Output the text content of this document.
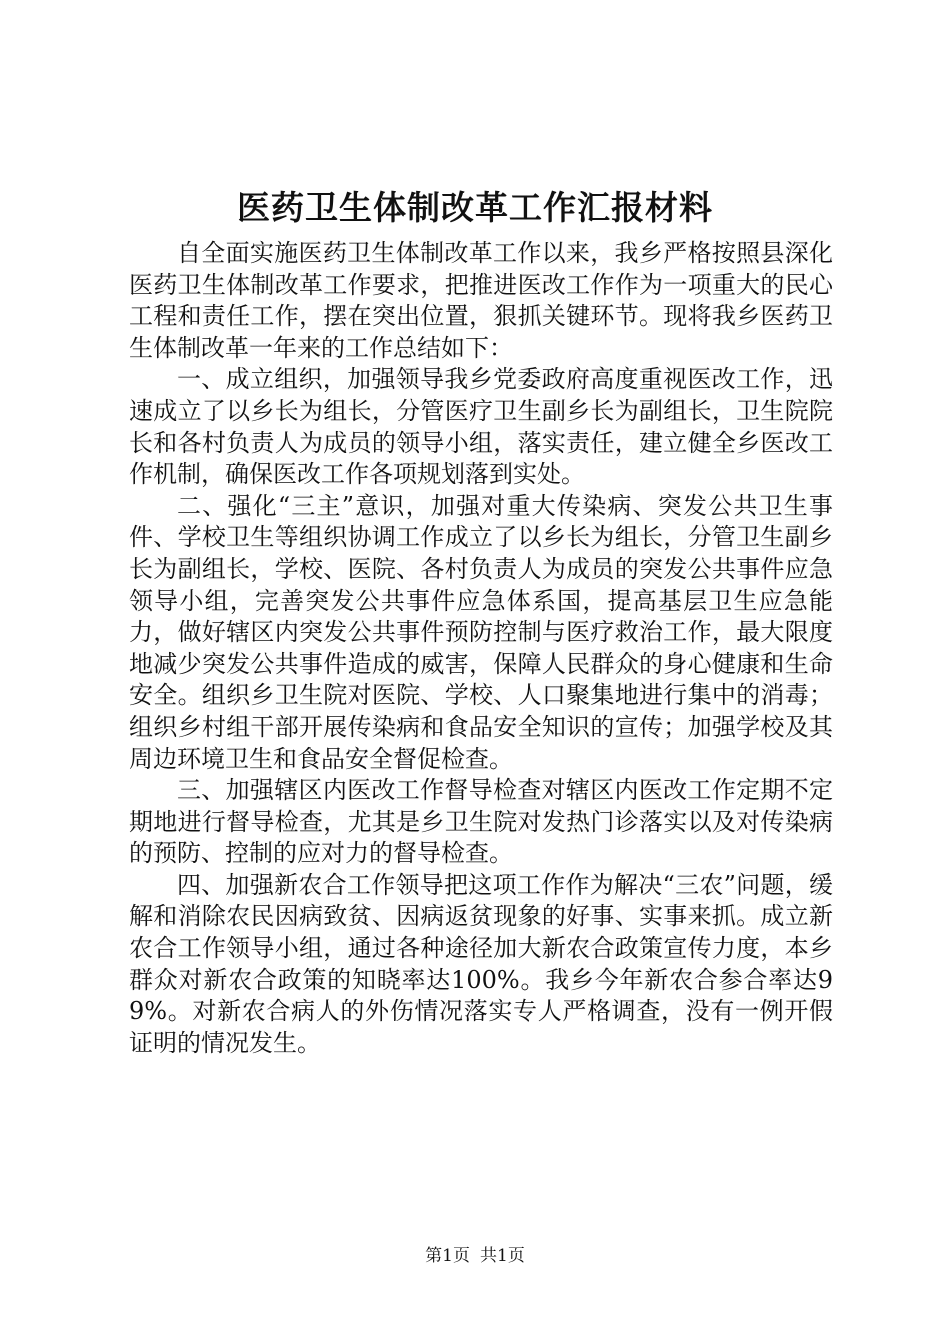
医药卫生体制改革工作汇报材料

自全面实施医药卫生体制改革工作以来，我乡严格按照县深化医药卫生体制改革工作要求，把推进医改工作作为一项重大的民心工程和责任工作，摆在突出位置，狠抓关键环节。现将我乡医药卫生体制改革一年来的工作总结如下：

一、成立组织，加强领导我乡党委政府高度重视医改工作，迅速成立了以乡长为组长，分管医疗卫生副乡长为副组长，卫生院院长和各村负责人为成员的领导小组，落实责任，建立健全乡医改工作机制，确保医改工作各项规划落到实处。

二、强化“三主”意识，加强对重大传染病、突发公共卫生事件、学校卫生等组织协调工作成立了以乡长为组长，分管卫生副乡长为副组长，学校、医院、各村负责人为成员的突发公共事件应急领导小组，完善突发公共事件应急体系国，提高基层卫生应急能力，做好辖区内突发公共事件预防控制与医疗救治工作，最大限度地减少突发公共事件造成的威害，保障人民群众的身心健康和生命安全。组织乡卫生院对医院、学校、人口聚集地进行集中的消毒；组织乡村组干部开展传染病和食品安全知识的宣传；加强学校及其周边环境卫生和食品安全督促检查。

三、加强辖区内医改工作督导检查对辖区内医改工作定期不定期地进行督导检查，尤其是乡卫生院对发热门诊落实以及对传染病的预防、控制的应对力的督导检查。

四、加强新农合工作领导把这项工作作为解决“三农”问题，缓解和消除农民因病致贫、因病返贫现象的好事、实事来抓。成立新农合工作领导小组，通过各种途径加大新农合政策宣传力度，本乡群众对新农合政策的知晓率达100%。我乡今年新农合参合率达99%。对新农合病人的外伤情况落实专人严格调查，没有一例开假证明的情况发生。

第1页 共1页
